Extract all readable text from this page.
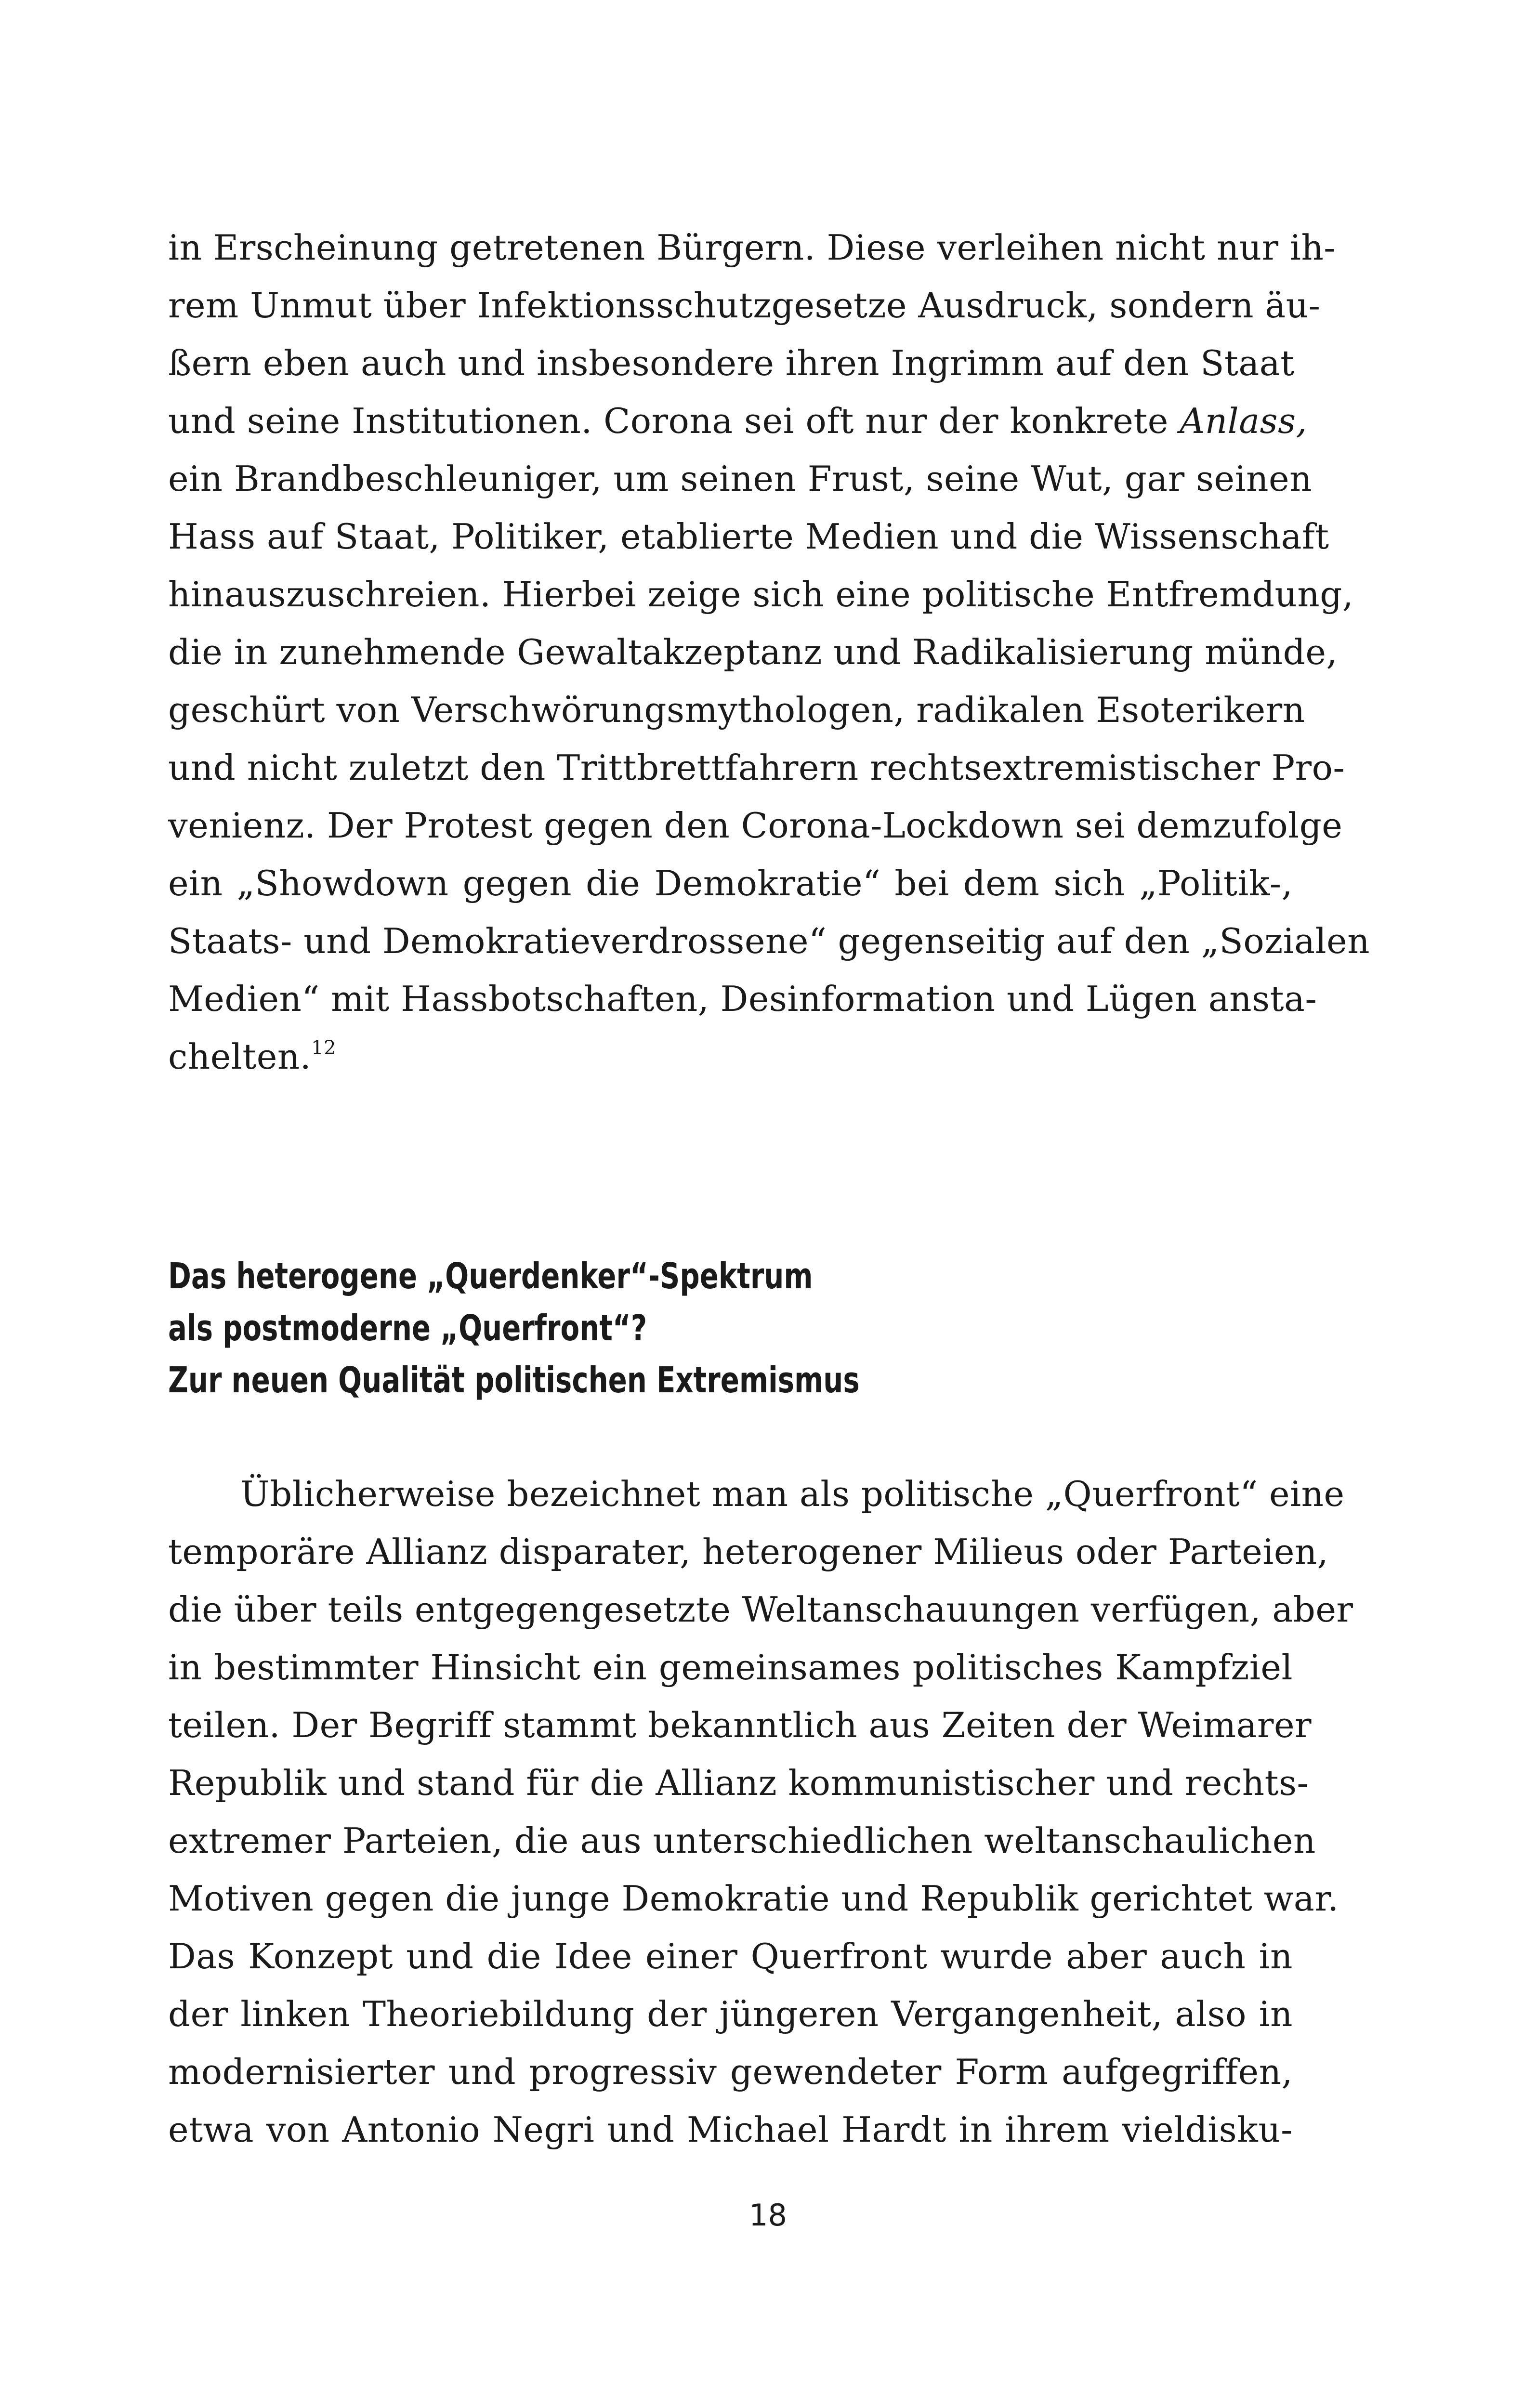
in Erscheinung getretenen Bürgern. Diese verleihen nicht nur ih-
rem Unmut über Infektionsschutzgesetze Ausdruck, sondern äu-
ßern eben auch und insbesondere ihren Ingrimm auf den Staat
und seine Institutionen. Corona sei oft nur der konkrete Anlass,
ein Brandbeschleuniger, um seinen Frust, seine Wut, gar seinen
Hass auf Staat, Politiker, etablierte Medien und die Wissenschaft
hinauszuschreien. Hierbei zeige sich eine politische Entfremdung,
die in zunehmende Gewaltakzeptanz und Radikalisierung münde,
geschürt von Verschwörungsmythologen, radikalen Esoterikern
und nicht zuletzt den Trittbrettfahrern rechtsextremistischer Pro-
venienz. Der Protest gegen den Corona-Lockdown sei demzufolge
ein „Showdown gegen die Demokratie“ bei dem sich „Politik-,
Staats- und Demokratieverdrossene“ gegenseitig auf den „Sozialen
Medien“ mit Hassbotschaften, Desinformation und Lügen ansta-
chelten.$^{12}$
Das heterogene „Querdenker“-Spektrum
als postmoderne „Querfront“?
Zur neuen Qualität politischen Extremismus
Üblicherweise bezeichnet man als politische „Querfront“ eine
temporäre Allianz disparater, heterogener Milieus oder Parteien,
die über teils entgegengesetzte Weltanschauungen verfügen, aber
in bestimmter Hinsicht ein gemeinsames politisches Kampfziel
teilen. Der Begriff stammt bekanntlich aus Zeiten der Weimarer
Republik und stand für die Allianz kommunistischer und rechts-
extremer Parteien, die aus unterschiedlichen weltanschaulichen
Motiven gegen die junge Demokratie und Republik gerichtet war.
Das Konzept und die Idee einer Querfront wurde aber auch in
der linken Theoriebildung der jüngeren Vergangenheit, also in
modernisierter und progressiv gewendeter Form aufgegriffen,
etwa von Antonio Negri und Michael Hardt in ihrem vieldisku-
18
